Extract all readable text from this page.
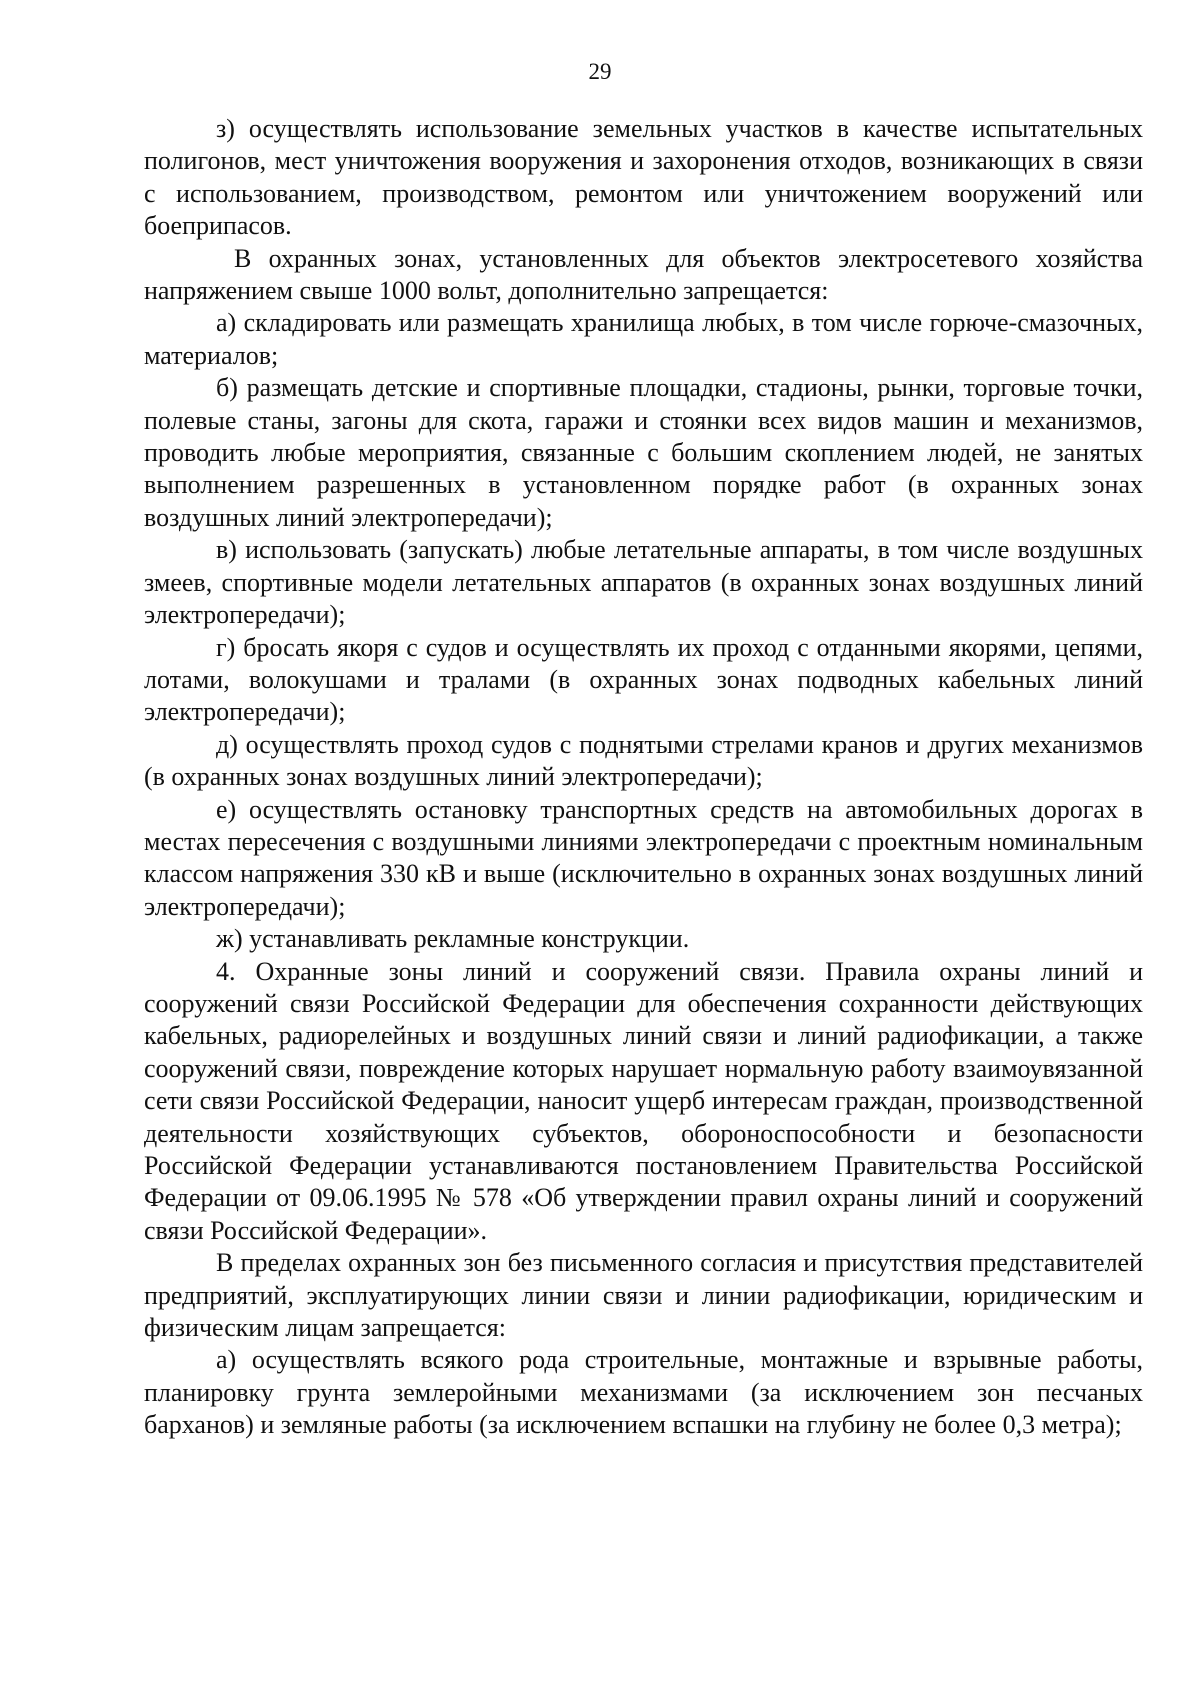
29

з) осуществлять использование земельных участков в качестве испытательных полигонов, мест уничтожения вооружения и захоронения отходов, возникающих в связи с использованием, производством, ремонтом или уничтожением вооружений или боеприпасов.

В охранных зонах, установленных для объектов электросетевого хозяйства напряжением свыше 1000 вольт, дополнительно запрещается:

а) складировать или размещать хранилища любых, в том числе горюче-смазочных, материалов;

б) размещать детские и спортивные площадки, стадионы, рынки, торговые точки, полевые станы, загоны для скота, гаражи и стоянки всех видов машин и механизмов, проводить любые мероприятия, связанные с большим скоплением людей, не занятых выполнением разрешенных в установленном порядке работ (в охранных зонах воздушных линий электропередачи);

в) использовать (запускать) любые летательные аппараты, в том числе воздушных змеев, спортивные модели летательных аппаратов (в охранных зонах воздушных линий электропередачи);

г) бросать якоря с судов и осуществлять их проход с отданными якорями, цепями, лотами, волокушами и тралами (в охранных зонах подводных кабельных линий электропередачи);

д) осуществлять проход судов с поднятыми стрелами кранов и других механизмов (в охранных зонах воздушных линий электропередачи);

е) осуществлять остановку транспортных средств на автомобильных дорогах в местах пересечения с воздушными линиями электропередачи с проектным номинальным классом напряжения 330 кВ и выше (исключительно в охранных зонах воздушных линий электропередачи);

ж) устанавливать рекламные конструкции.

4. Охранные зоны линий и сооружений связи. Правила охраны линий и сооружений связи Российской Федерации для обеспечения сохранности действующих кабельных, радиорелейных и воздушных линий связи и линий радиофикации, а также сооружений связи, повреждение которых нарушает нормальную работу взаимоувязанной сети связи Российской Федерации, наносит ущерб интересам граждан, производственной деятельности хозяйствующих субъектов, обороноспособности и безопасности Российской Федерации устанавливаются постановлением Правительства Российской Федерации от 09.06.1995 № 578 «Об утверждении правил охраны линий и сооружений связи Российской Федерации».

В пределах охранных зон без письменного согласия и присутствия представителей предприятий, эксплуатирующих линии связи и линии радиофикации, юридическим и физическим лицам запрещается:

а) осуществлять всякого рода строительные, монтажные и взрывные работы, планировку грунта землеройными механизмами (за исключением зон песчаных барханов) и земляные работы (за исключением вспашки на глубину не более 0,3 метра);
